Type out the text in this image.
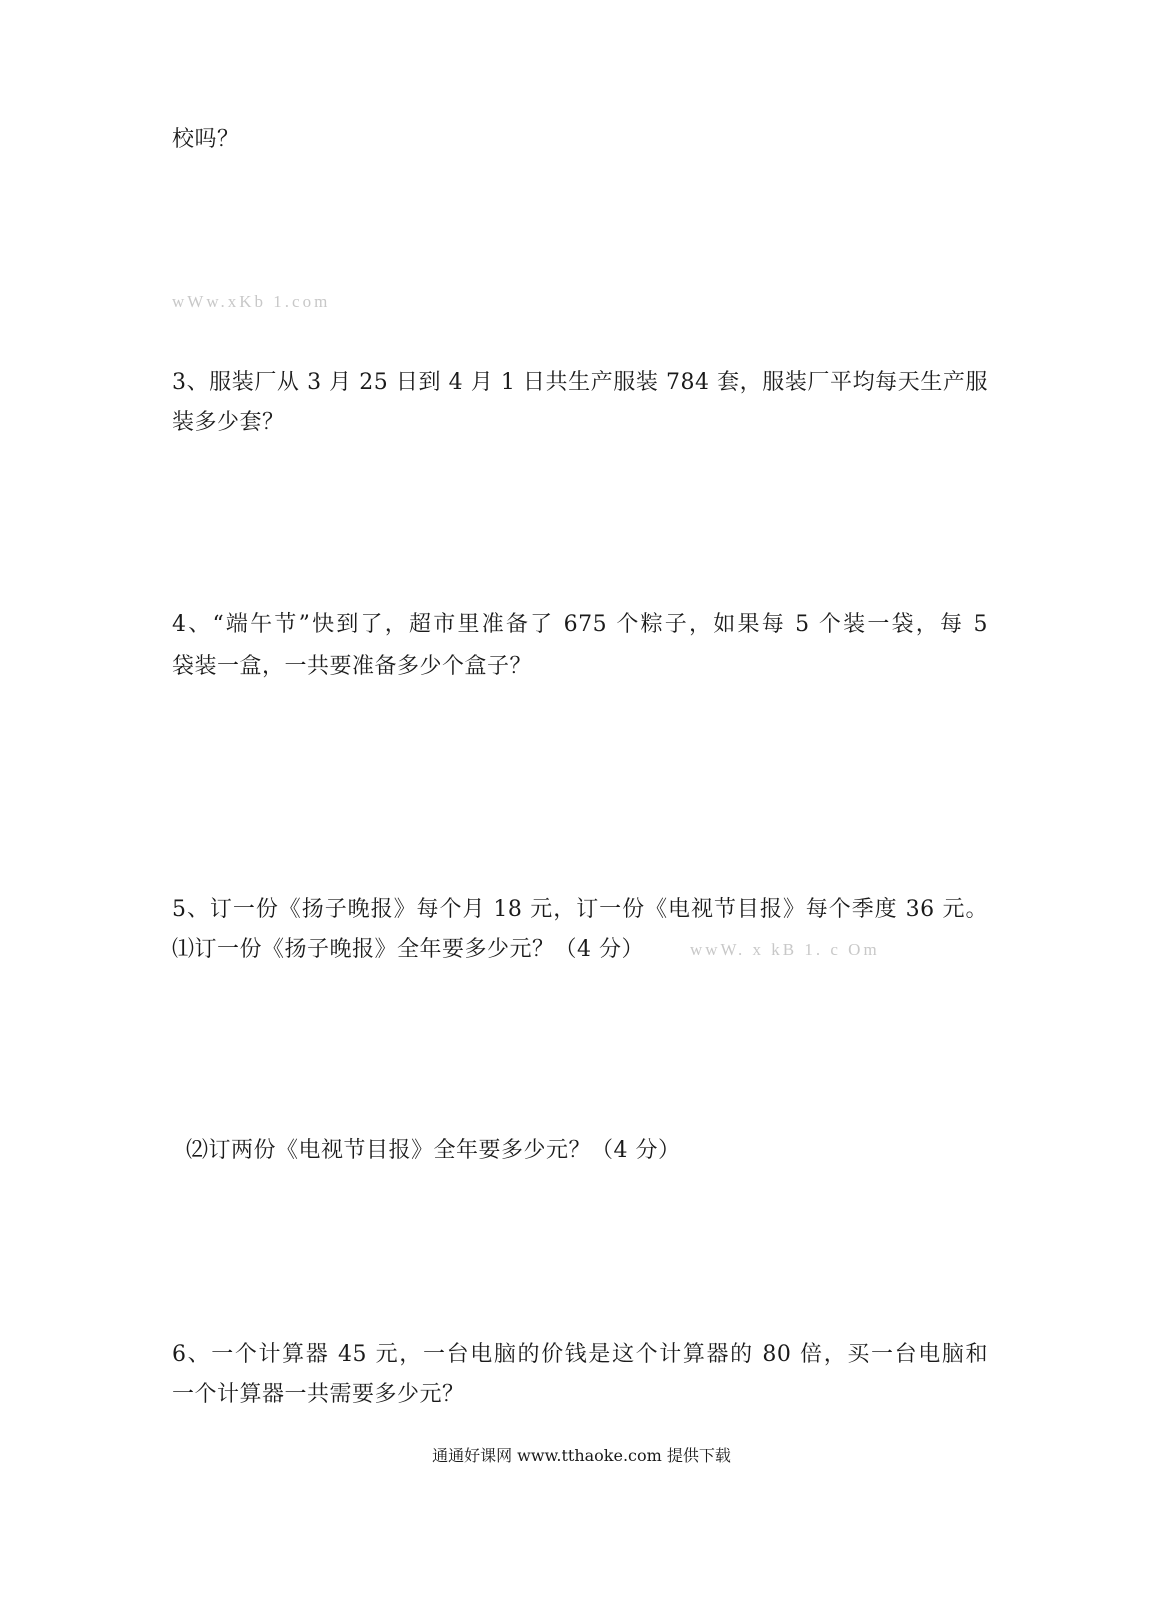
校吗？
wWw.xKb 1.com
3、服装厂从 3 月 25 日到 4 月 1 日共生产服装 784 套，服装厂平均每天生产服
装多少套？
4、“端午节”快到了，超市里准备了 675 个粽子，如果每 5 个装一袋，每 5
袋装一盒，一共要准备多少个盒子？
5、订一份《扬子晚报》每个月 18 元，订一份《电视节目报》每个季度 36 元。
⑴订一份《扬子晚报》全年要多少元？（4 分）	wwW. x kB 1. c Om
⑵订两份《电视节目报》全年要多少元？（4 分）
6、一个计算器 45 元，一台电脑的价钱是这个计算器的 80 倍，买一台电脑和
一个计算器一共需要多少元？
通通好课网 www.tthaoke.com 提供下载
